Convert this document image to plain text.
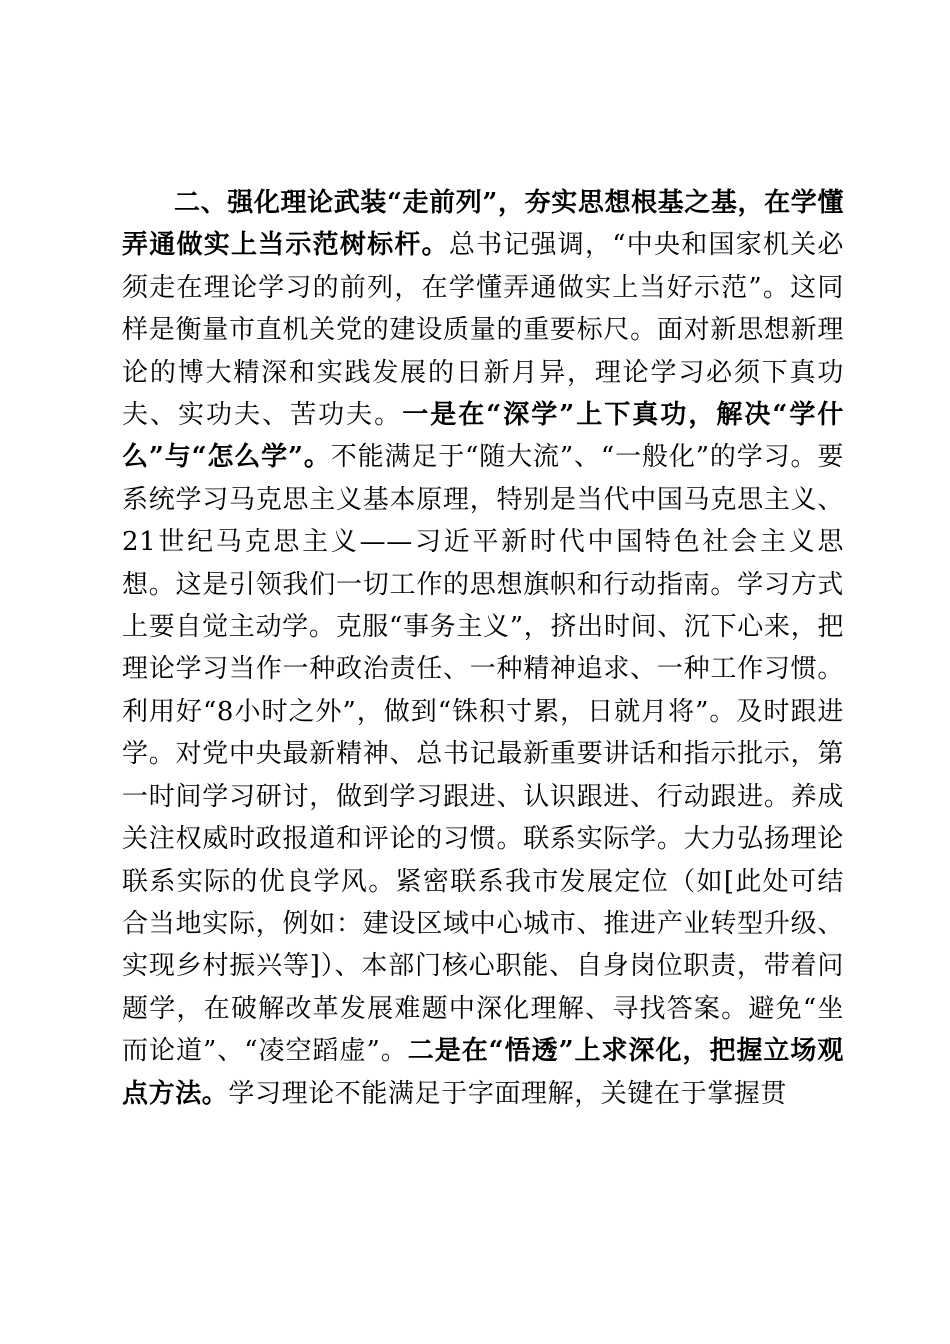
二、强化理论武装“走前列”，夯实思想根基之基，在学懂弄通做实上当示范树标杆。总书记强调，“中央和国家机关必须走在理论学习的前列，在学懂弄通做实上当好示范”。这同样是衡量市直机关党的建设质量的重要标尺。面对新思想新理论的博大精深和实践发展的日新月异，理论学习必须下真功夫、实功夫、苦功夫。一是在“深学”上下真功，解决“学什么”与“怎么学”。不能满足于“随大流”、“一般化”的学习。要系统学习马克思主义基本原理，特别是当代中国马克思主义、21世纪马克思主义——习近平新时代中国特色社会主义思想。这是引领我们一切工作的思想旗帜和行动指南。学习方式上要自觉主动学。克服“事务主义”，挤出时间、沉下心来，把理论学习当作一种政治责任、一种精神追求、一种工作习惯。利用好“8小时之外”，做到“铢积寸累，日就月将”。及时跟进学。对党中央最新精神、总书记最新重要讲话和指示批示，第一时间学习研讨，做到学习跟进、认识跟进、行动跟进。养成关注权威时政报道和评论的习惯。联系实际学。大力弘扬理论联系实际的优良学风。紧密联系我市发展定位（如[此处可结合当地实际，例如：建设区域中心城市、推进产业转型升级、实现乡村振兴等]）、本部门核心职能、自身岗位职责，带着问题学，在破解改革发展难题中深化理解、寻找答案。避免“坐而论道”、“凌空蹈虚”。二是在“悟透”上求深化，把握立场观点方法。学习理论不能满足于字面理解，关键在于掌握贯
